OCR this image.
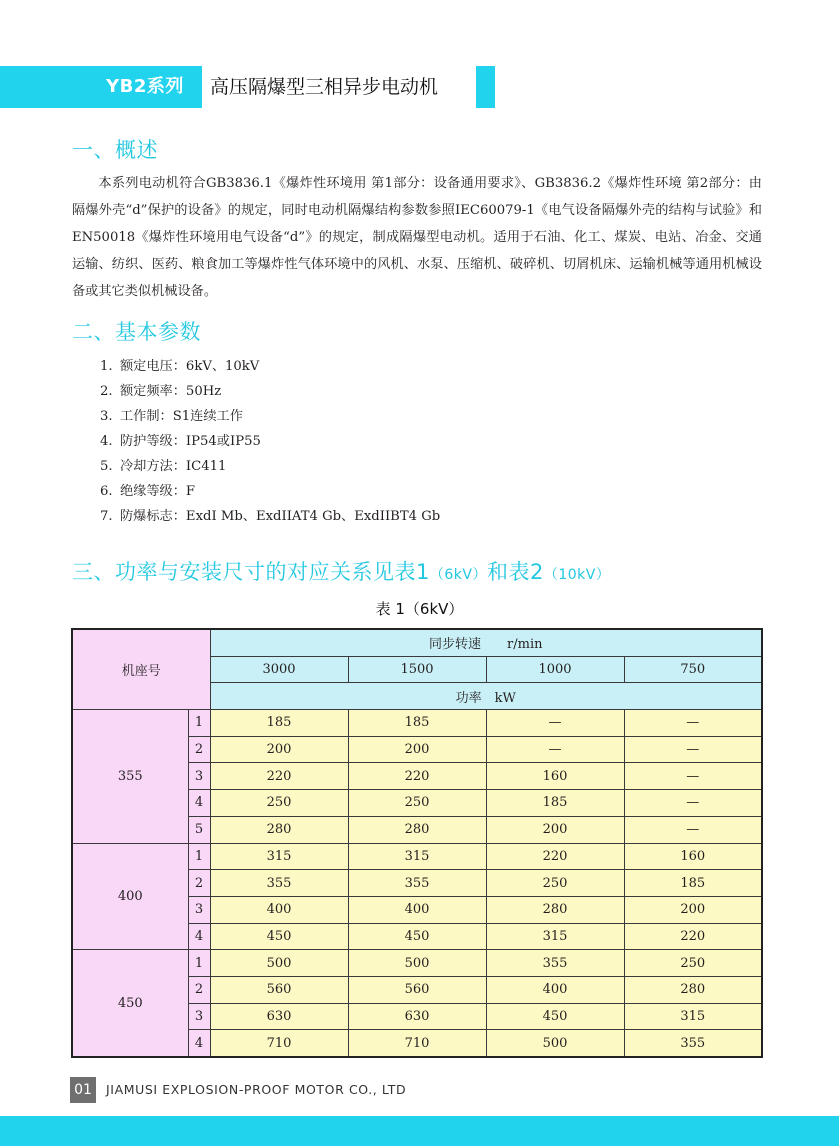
YB2系列	高压隔爆型三相异步电动机
一、概述
本系列电动机符合GB3836.1《爆炸性环境用 第1部分：设备通用要求》、GB3836.2《爆炸性环境 第2部分：由隔爆外壳“d”保护的设备》的规定，同时电动机隔爆结构参数参照IEC60079-1《电气设备隔爆外壳的结构与试验》和EN50018《爆炸性环境用电气设备“d”》的规定，制成隔爆型电动机。适用于石油、化工、煤炭、电站、冶金、交通运输、纺织、医药、粮食加工等爆炸性气体环境中的风机、水泵、压缩机、破碎机、切屑机床、运输机械等通用机械设备或其它类似机械设备。
二、基本参数
1. 额定电压：6kV、10kV
2. 额定频率：50Hz
3. 工作制：S1连续工作
4. 防护等级：IP54或IP55
5. 冷却方法：IC411
6. 绝缘等级：F
7. 防爆标志：ExdI Mb、ExdIIAT4 Gb、ExdIIBT4 Gb
三、功率与安装尺寸的对应关系见表1（6kV）和表2（10kV）
表 1（6kV）
机座号		同步转速　　r/min			
		3000	1500	1000	750
		功率　kW			
355	1	185	185	—	—
	2	200	200	—	—
	3	220	220	160	—
	4	250	250	185	—
	5	280	280	200	—
400	1	315	315	220	160
	2	355	355	250	185
	3	400	400	280	200
	4	450	450	315	220
450	1	500	500	355	250
	2	560	560	400	280
	3	630	630	450	315
	4	710	710	500	355
01	JIAMUSI EXPLOSION-PROOF MOTOR CO., LTD
